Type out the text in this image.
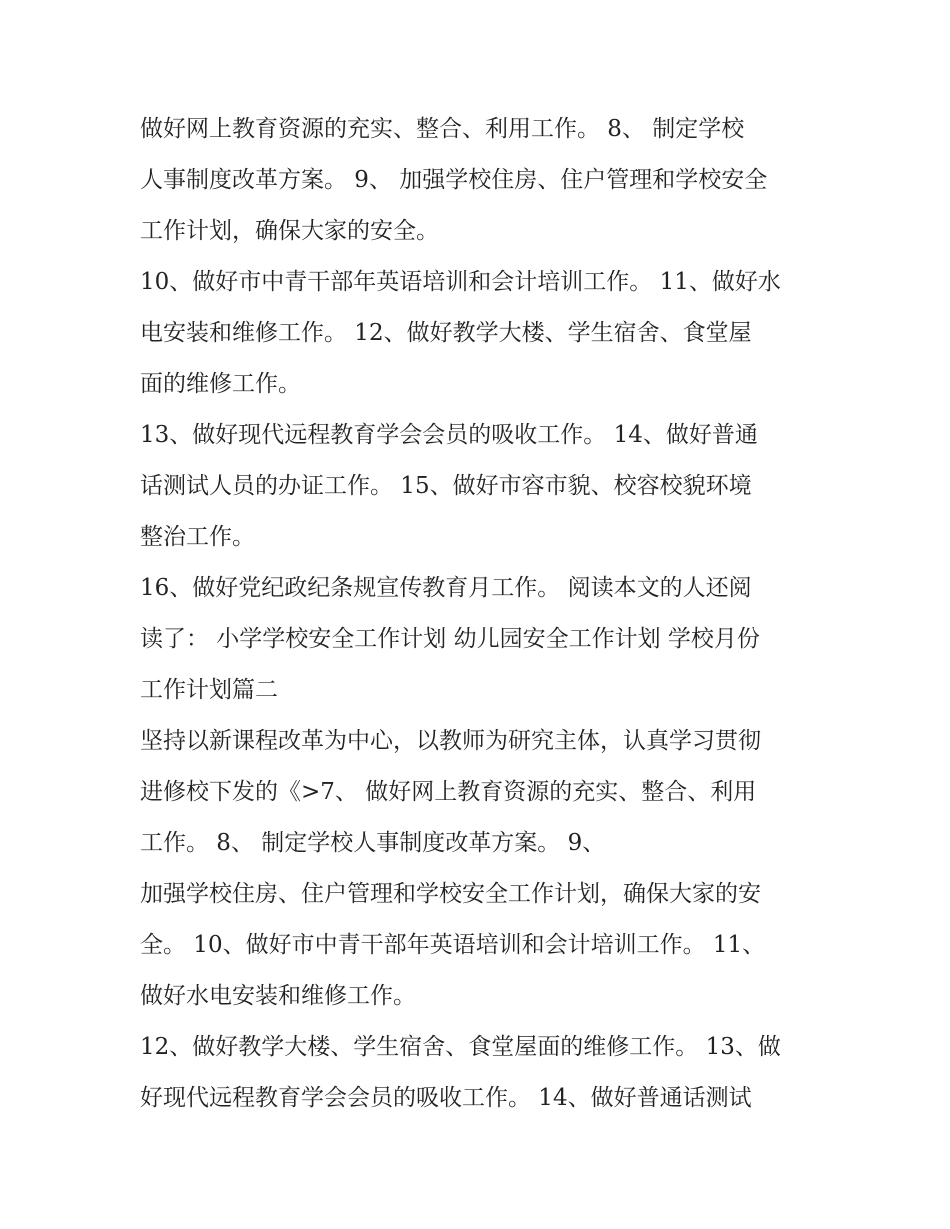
做好网上教育资源的充实、整合、利用工作。 8、 制定学校
人事制度改革方案。 9、 加强学校住房、住户管理和学校安全
工作计划，确保大家的安全。
10、做好市中青干部年英语培训和会计培训工作。 11、做好水
电安装和维修工作。 12、做好教学大楼、学生宿舍、食堂屋
面的维修工作。
13、做好现代远程教育学会会员的吸收工作。 14、做好普通
话测试人员的办证工作。 15、做好市容市貌、校容校貌环境
整治工作。
16、做好党纪政纪条规宣传教育月工作。 阅读本文的人还阅
读了： 小学学校安全工作计划 幼儿园安全工作计划 学校月份
工作计划篇二
坚持以新课程改革为中心，以教师为研究主体，认真学习贯彻
进修校下发的《>7、 做好网上教育资源的充实、整合、利用
工作。 8、 制定学校人事制度改革方案。 9、
加强学校住房、住户管理和学校安全工作计划，确保大家的安
全。 10、做好市中青干部年英语培训和会计培训工作。 11、
做好水电安装和维修工作。
12、做好教学大楼、学生宿舍、食堂屋面的维修工作。 13、做
好现代远程教育学会会员的吸收工作。 14、做好普通话测试
